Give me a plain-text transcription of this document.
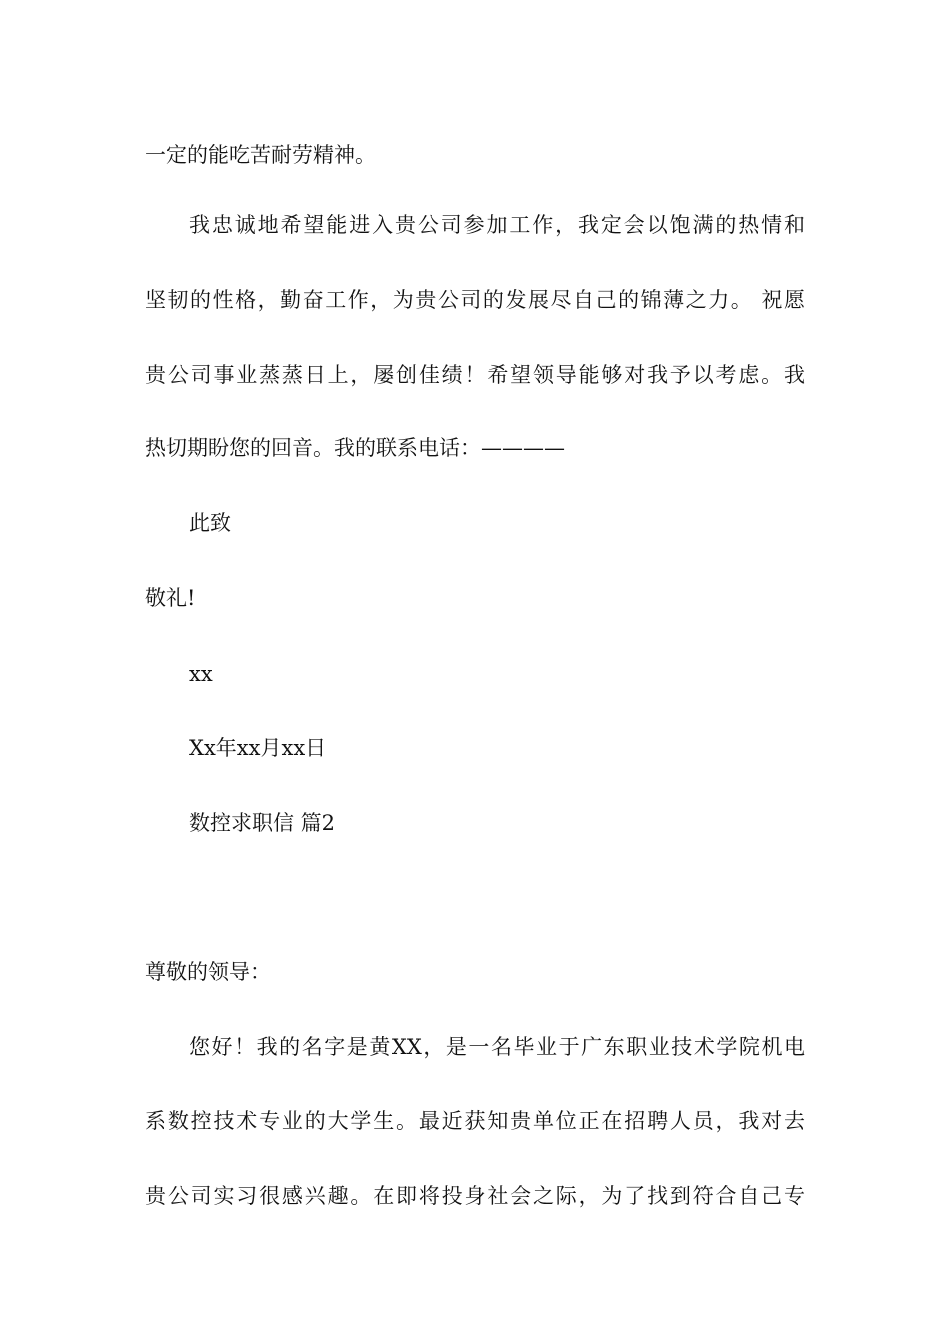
一定的能吃苦耐劳精神。
我忠诚地希望能进入贵公司参加工作，我定会以饱满的热情和
坚韧的性格，勤奋工作，为贵公司的发展尽自己的锦薄之力。 祝愿
贵公司事业蒸蒸日上，屡创佳绩！希望领导能够对我予以考虑。我
热切期盼您的回音。我的联系电话：————
此致
敬礼!
xx
Xx年xx月xx日
数控求职信 篇2
尊敬的领导：
您好！我的名字是黄XX，是一名毕业于广东职业技术学院机电
系数控技术专业的大学生。最近获知贵单位正在招聘人员，我对去
贵公司实习很感兴趣。在即将投身社会之际，为了找到符合自己专
